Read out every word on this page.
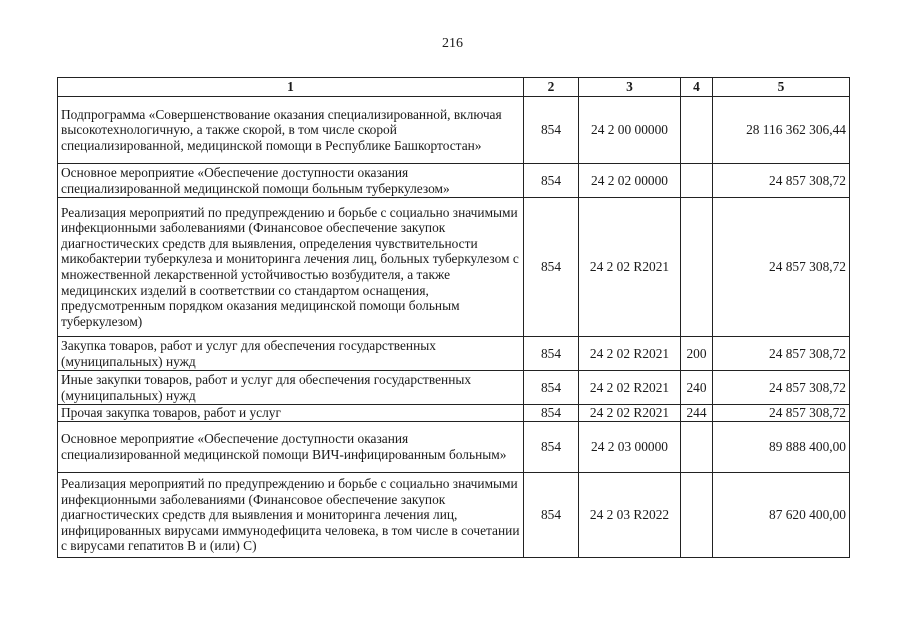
216
1	2	3	4	5
Подпрограмма «Совершенствование оказания специализированной, включая высокотехнологичную, а также скорой, в том числе скорой специализированной, медицинской помощи в Республике Башкортостан»	854	24 2 00 00000		28 116 362 306,44
Основное мероприятие «Обеспечение доступности оказания специализированной медицинской помощи больным туберкулезом»	854	24 2 02 00000		24 857 308,72
Реализация мероприятий по предупреждению и борьбе с социально значимыми инфекционными заболеваниями (Финансовое обеспечение закупок диагностических средств для выявления, определения чувствительности микобактерии туберкулеза и мониторинга лечения лиц, больных туберкулезом с множественной лекарственной устойчивостью возбудителя, а также медицинских изделий в соответствии со стандартом оснащения, предусмотренным порядком оказания медицинской помощи больным туберкулезом)	854	24 2 02 R2021		24 857 308,72
Закупка товаров, работ и услуг для обеспечения государственных (муниципальных) нужд	854	24 2 02 R2021	200	24 857 308,72
Иные закупки товаров, работ и услуг для обеспечения государственных (муниципальных) нужд	854	24 2 02 R2021	240	24 857 308,72
Прочая закупка товаров, работ и услуг	854	24 2 02 R2021	244	24 857 308,72
Основное мероприятие «Обеспечение доступности оказания специализированной медицинской помощи ВИЧ-инфицированным больным»	854	24 2 03 00000		89 888 400,00
Реализация мероприятий по предупреждению и борьбе с социально значимыми инфекционными заболеваниями (Финансовое обеспечение закупок диагностических средств для выявления и мониторинга лечения лиц, инфицированных вирусами иммунодефицита человека, в том числе в сочетании с вирусами гепатитов В и (или) С)	854	24 2 03 R2022		87 620 400,00
